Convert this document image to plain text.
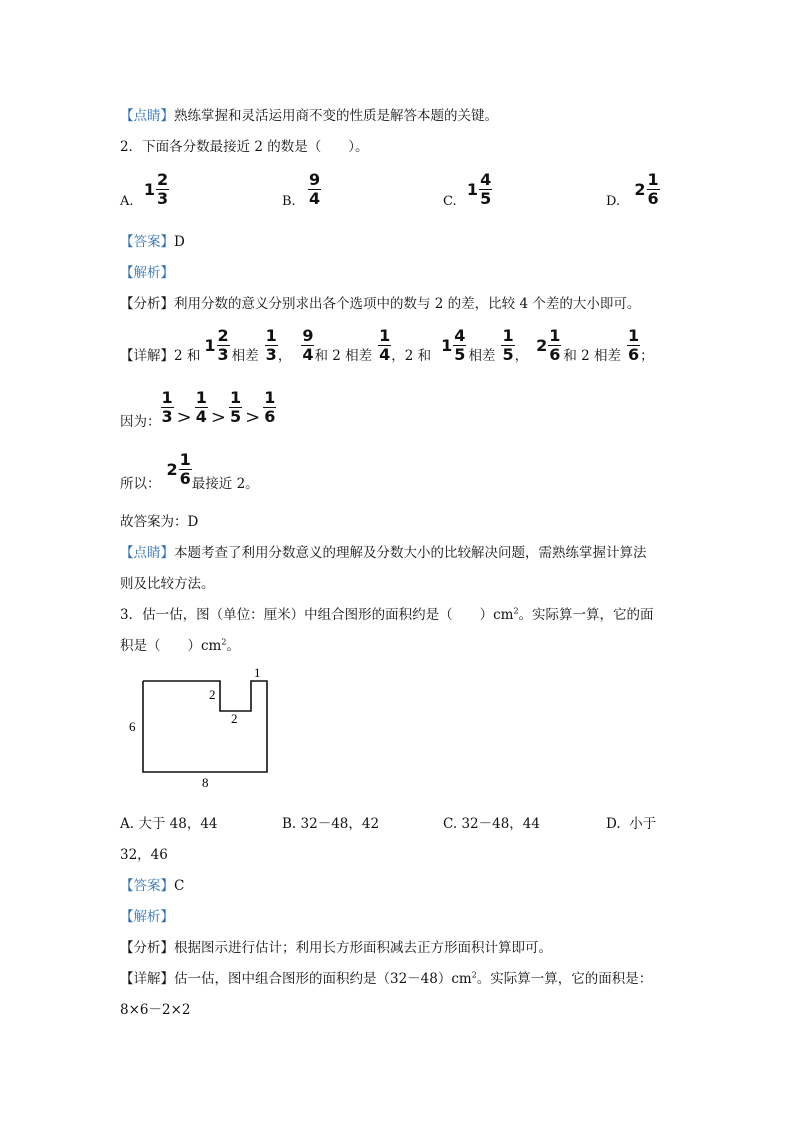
【点睛】熟练掌握和灵活运用商不变的性质是解答本题的关键。
2．下面各分数最接近 2 的数是（　　）。
A.
$1 \frac{2}{3}$	B. $\frac{9}{4}$	C.
$1 \frac{4}{5}$	D.
$2 \frac{1}{6}$
【答案】D
【解析】
【分析】利用分数的意义分别求出各个选项中的数与 2 的差，比较 4 个差的大小即可。
【详解】 2 和
$1 \frac{2}{3}$ 相差 $\frac{1}{3}$ ， $\frac{9}{4}$ 和 2 相差 $\frac{1}{4}$ ，2 和
$1 \frac{4}{5}$ 相差 $\frac{1}{5}$ ，
$2 \frac{1}{6}$ 和 2 相差 $\frac{1}{6}$ ；
因为： $\frac{1}{3} > \frac{1}{4} > \frac{1}{5} > \frac{1}{6}$
所以：
$2 \frac{1}{6}$ 最接近 2。
故答案为：D
【点睛】本题考查了利用分数意义的理解及分数大小的比较解决问题，需熟练掌握计算法
则及比较方法。
3．估一估，图（单位：厘米）中组合图形的面积约是（　　）$cm^2$。实际算一算，它的面
积是（　　）$cm^2$。
6
8
2
2
1
A. 大于 48，44	B. 32－48，42	C. 32－48，44	D. 小于
32，46
【答案】C
【解析】
【分析】根据图示进行估计；利用长方形面积减去正方形面积计算即可。
【详解】估一估，图中组合图形的面积约是$(32-48)cm^2$。实际算一算，它的面积是：
8×6－2×2
